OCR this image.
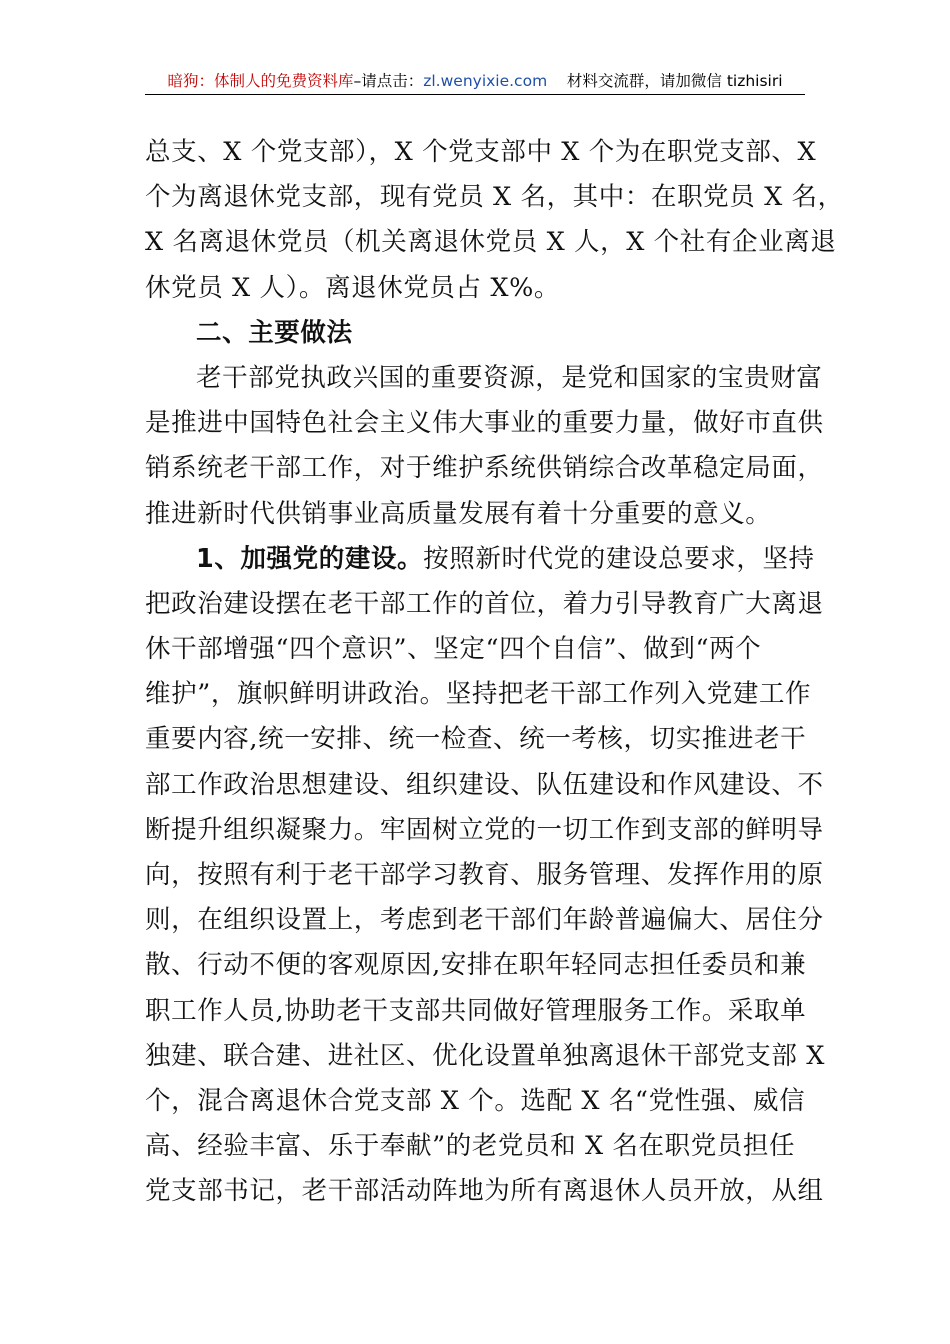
暗狗：体制人的免费资料库–请点击：zl.wenyixie.com 材料交流群，请加微信 tizhisiri
总支、X 个党支部），X 个党支部中 X 个为在职党支部、X
个为离退休党支部，现有党员 X 名，其中：在职党员 X 名，
X 名离退休党员（机关离退休党员 X 人，X 个社有企业离退
休党员 X 人）。离退休党员占 X%。
二、主要做法
老干部党执政兴国的重要资源，是党和国家的宝贵财富
是推进中国特色社会主义伟大事业的重要力量，做好市直供
销系统老干部工作，对于维护系统供销综合改革稳定局面，
推进新时代供销事业高质量发展有着十分重要的意义。
1、加强党的建设。按照新时代党的建设总要求，坚持
把政治建设摆在老干部工作的首位，着力引导教育广大离退
休干部增强“四个意识”、坚定“四个自信”、做到“两个
维护”，旗帜鲜明讲政治。坚持把老干部工作列入党建工作
重要内容,统一安排、统一检查、统一考核，切实推进老干
部工作政治思想建设、组织建设、队伍建设和作风建设、不
断提升组织凝聚力。牢固树立党的一切工作到支部的鲜明导
向，按照有利于老干部学习教育、服务管理、发挥作用的原
则，在组织设置上，考虑到老干部们年龄普遍偏大、居住分
散、行动不便的客观原因,安排在职年轻同志担任委员和兼
职工作人员,协助老干支部共同做好管理服务工作。采取单
独建、联合建、进社区、优化设置单独离退休干部党支部 X
个，混合离退休合党支部 X 个。选配 X 名“党性强、威信
高、经验丰富、乐于奉献”的老党员和 X 名在职党员担任
党支部书记，老干部活动阵地为所有离退休人员开放，从组
